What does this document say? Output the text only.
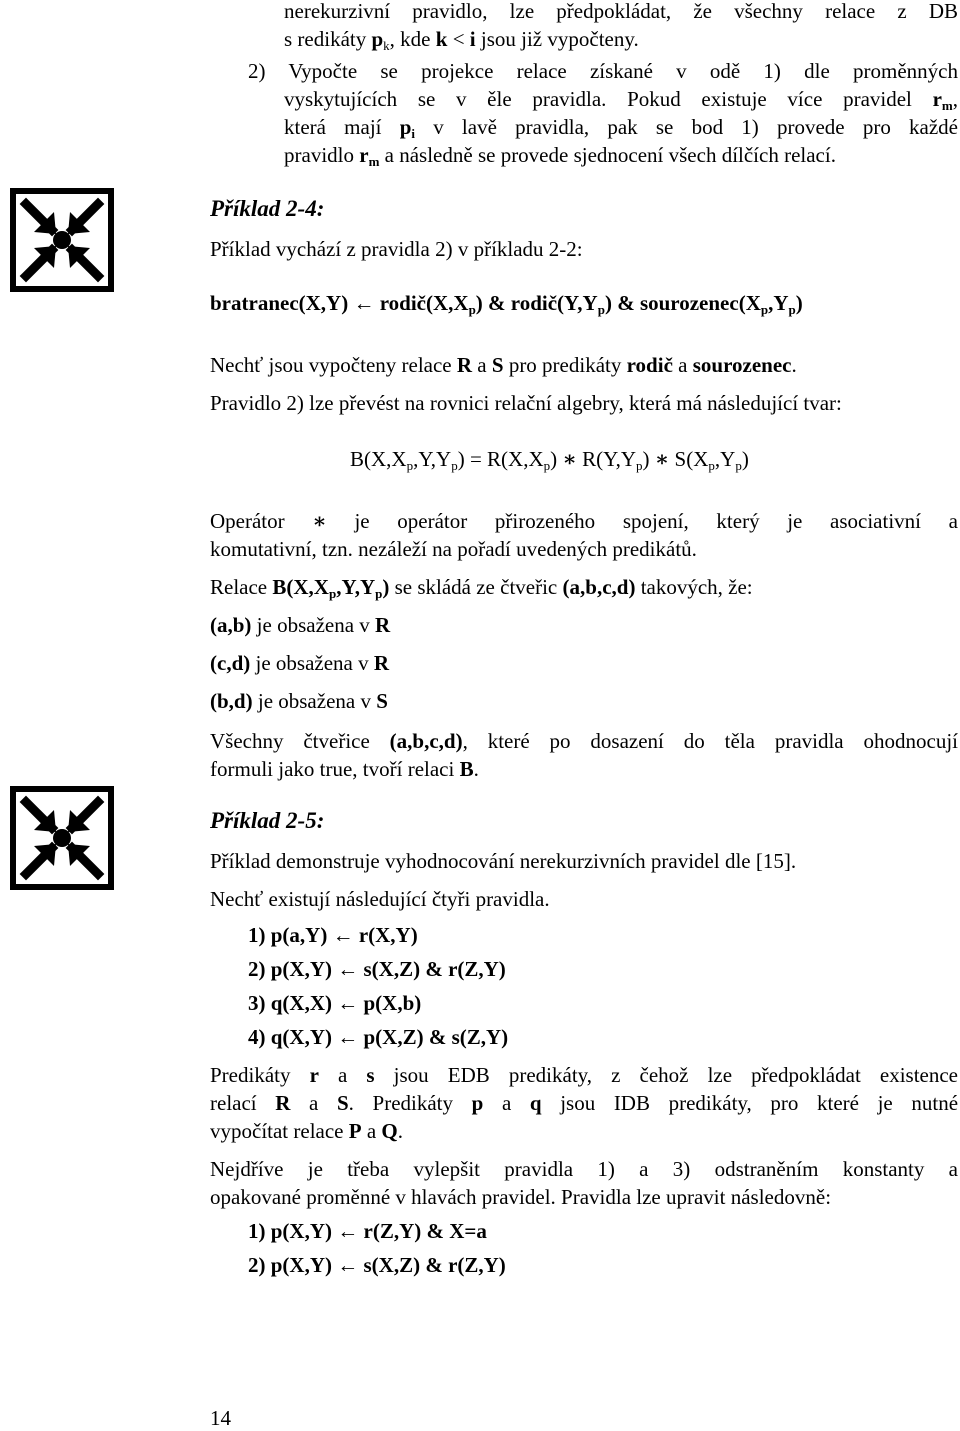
nerekurzivní pravidlo, lze předpokládat, že všechny relace z DB
s redikáty $p_k$, kde k < i jsou již vypočteny.
2) Vypočte se projekce relace získané v odě 1) dle proměnných
vyskytujících se v ěle pravidla. Pokud existuje více pravidel $r_m$,
která mají $p_i$ v lavě pravidla, pak se bod 1) provede pro každé
pravidlo $r_m$ a následně se provede sjednocení všech dílčích relací.
Příklad 2-4:
Příklad vychází z pravidla 2) v příkladu 2-2:
bratranec(X,Y) ← $rodič(X,X_p)$ & $rodič(Y,Y_p)$ & $sourozenec(X_p,Y_p)$
Nechť jsou vypočteny relace R a S pro predikáty rodič a sourozenec.
Pravidlo 2) lze převést na rovnici relační algebry, která má následující tvar:
$B(X,X_p,Y,Y_p) = R(X,X_p)$ ∗ $R(Y,Y_p)$ ∗ $S(X_p,Y_p)$
Operátor ∗ je operátor přirozeného spojení, který je asociativní a
komutativní, tzn. nezáleží na pořadí uvedených predikátů.
Relace $B(X,X_p,Y,Y_p)$ se skládá ze čtveřic (a,b,c,d) takových, že:
(a,b) je obsažena v R
(c,d) je obsažena v R
(b,d) je obsažena v S
Všechny čtveřice (a,b,c,d), které po dosazení do těla pravidla ohodnocují
formuli jako true, tvoří relaci B.
Příklad 2-5:
Příklad demonstruje vyhodnocování nerekurzivních pravidel dle [15].
Nechť existují následující čtyři pravidla.
1) p(a,Y) ← r(X,Y)
2) p(X,Y) ← s(X,Z) & r(Z,Y)
3) q(X,X) ← p(X,b)
4) q(X,Y) ← p(X,Z) & s(Z,Y)
Predikáty r a s jsou EDB predikáty, z čehož lze předpokládat existence
relací R a S. Predikáty p a q jsou IDB predikáty, pro které je nutné
vypočítat relace P a Q.
Nejdříve je třeba vylepšit pravidla 1) a 3) odstraněním konstanty a
opakované proměnné v hlavách pravidel. Pravidla lze upravit následovně:
1) p(X,Y) ← r(Z,Y) & X=a
2) p(X,Y) ← s(X,Z) & r(Z,Y)
14
